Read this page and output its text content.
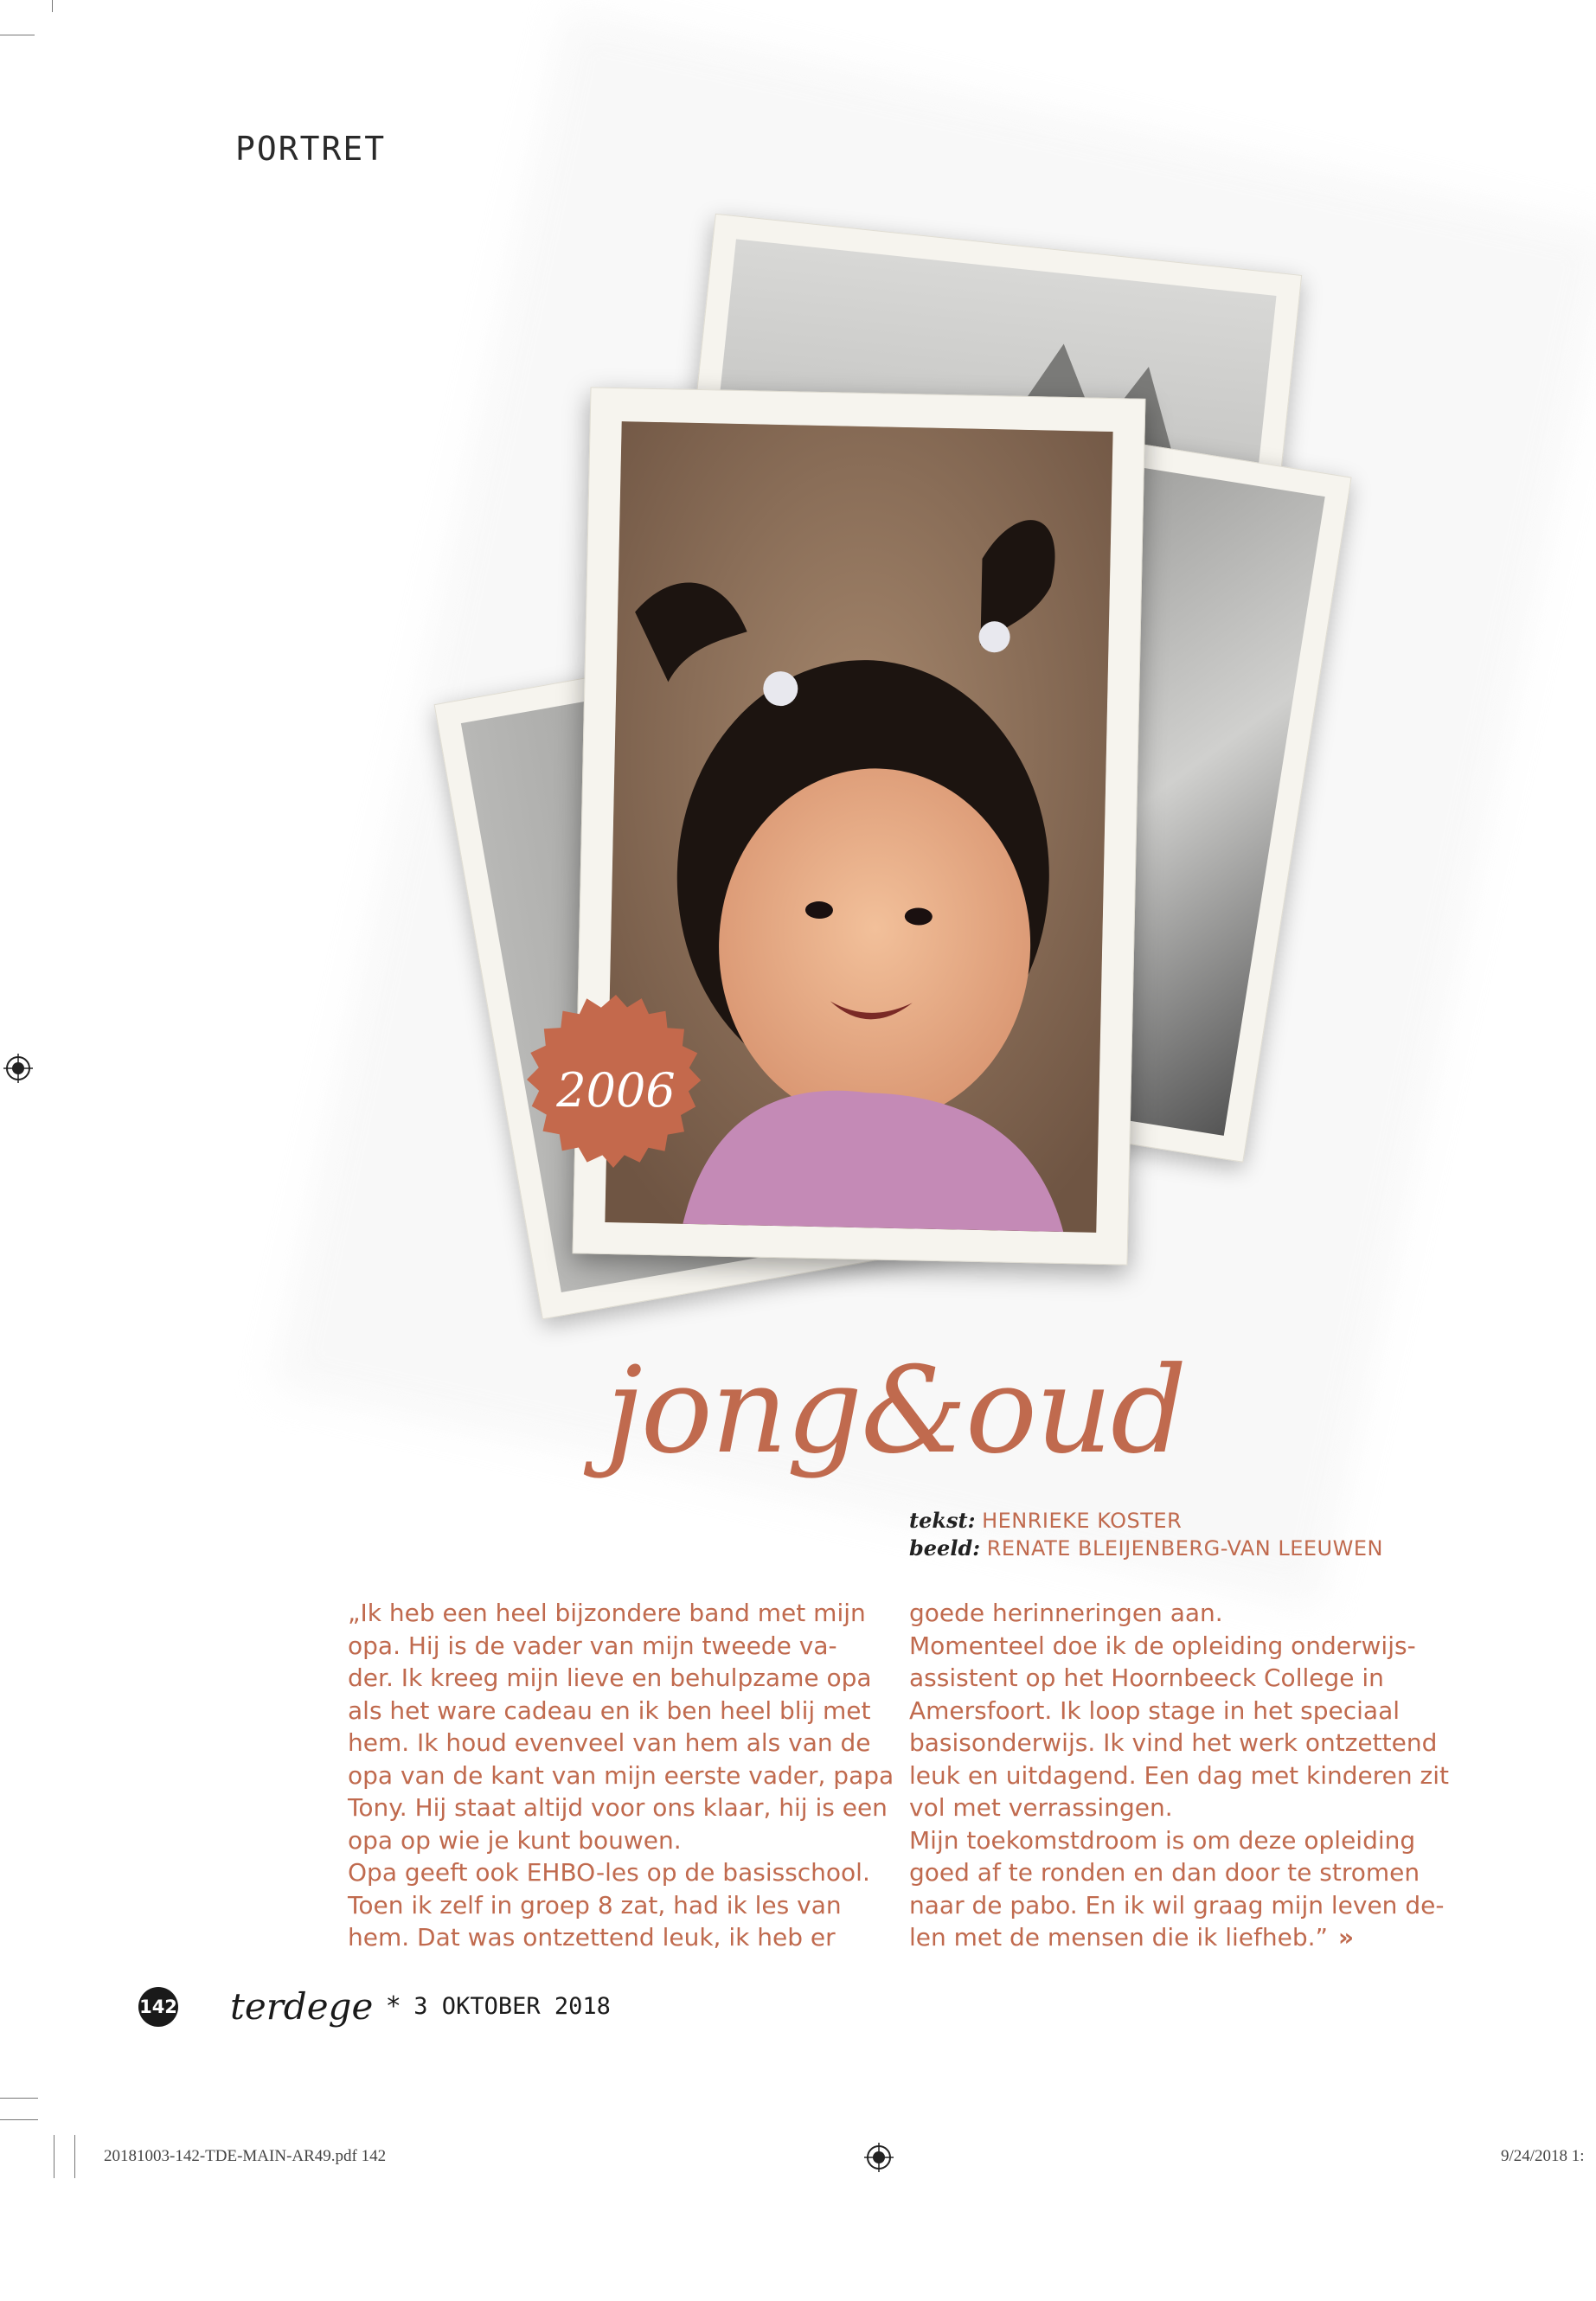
PORTRET
2006
jong&oud
tekst: HENRIEKE KOSTER
beeld: RENATE BLEIJENBERG-VAN LEEUWEN

„Ik heb een heel bijzondere band met mijn

opa. Hij is de vader van mijn tweede va-

der. Ik kreeg mijn lieve en behulpzame opa

als het ware cadeau en ik ben heel blij met

hem. Ik houd evenveel van hem als van de

opa van de kant van mijn eerste vader, papa

Tony. Hij staat altijd voor ons klaar, hij is een

opa op wie je kunt bouwen.

Opa geeft ook EHBO-les op de basisschool.

Toen ik zelf in groep 8 zat, had ik les van

hem. Dat was ontzettend leuk, ik heb er

goede herinneringen aan.

Momenteel doe ik de opleiding onderwijs-

assistent op het Hoornbeeck College in

Amersfoort. Ik loop stage in het speciaal

basisonderwijs. Ik vind het werk ontzettend

leuk en uitdagend. Een dag met kinderen zit

vol met verrassingen.

Mijn toekomstdroom is om deze opleiding

goed af te ronden en dan door te stromen

naar de pabo. En ik wil graag mijn leven de-

len met de mensen die ik liefheb.” »

142 terdege * 3 OKTOBER 2018
20181003-142-TDE-MAIN-AR49.pdf 142	9/24/2018 1:
